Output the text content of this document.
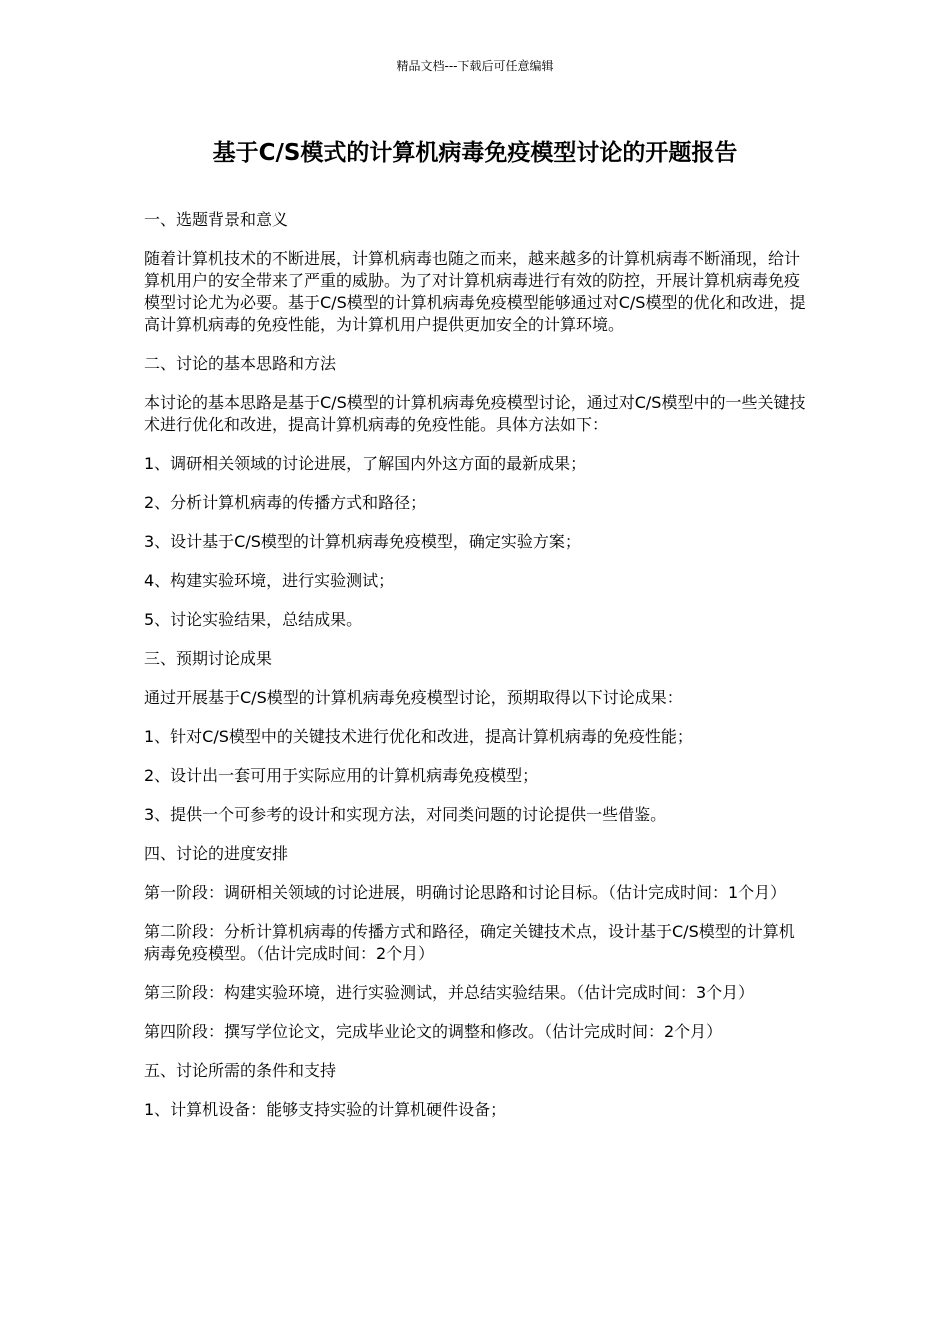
精品文档---下载后可任意编辑
基于C/S模式的计算机病毒免疫模型讨论的开题报告

一、选题背景和意义

随着计算机技术的不断进展，计算机病毒也随之而来，越来越多的计算机病毒不断涌现，给计算机用户的安全带来了严重的威胁。为了对计算机病毒进行有效的防控，开展计算机病毒免疫模型讨论尤为必要。基于C/S模型的计算机病毒免疫模型能够通过对C/S模型的优化和改进，提高计算机病毒的免疫性能，为计算机用户提供更加安全的计算环境。

二、讨论的基本思路和方法

本讨论的基本思路是基于C/S模型的计算机病毒免疫模型讨论，通过对C/S模型中的一些关键技术进行优化和改进，提高计算机病毒的免疫性能。具体方法如下：

1、调研相关领域的讨论进展，了解国内外这方面的最新成果；

2、分析计算机病毒的传播方式和路径；

3、设计基于C/S模型的计算机病毒免疫模型，确定实验方案；

4、构建实验环境，进行实验测试；

5、讨论实验结果，总结成果。

三、预期讨论成果

通过开展基于C/S模型的计算机病毒免疫模型讨论，预期取得以下讨论成果：

1、针对C/S模型中的关键技术进行优化和改进，提高计算机病毒的免疫性能；

2、设计出一套可用于实际应用的计算机病毒免疫模型；

3、提供一个可参考的设计和实现方法，对同类问题的讨论提供一些借鉴。

四、讨论的进度安排

第一阶段：调研相关领域的讨论进展，明确讨论思路和讨论目标。（估计完成时间：1个月）

第二阶段：分析计算机病毒的传播方式和路径，确定关键技术点，设计基于C/S模型的计算机病毒免疫模型。（估计完成时间：2个月）

第三阶段：构建实验环境，进行实验测试，并总结实验结果。（估计完成时间：3个月）

第四阶段：撰写学位论文，完成毕业论文的调整和修改。（估计完成时间：2个月）

五、讨论所需的条件和支持

1、计算机设备：能够支持实验的计算机硬件设备；
